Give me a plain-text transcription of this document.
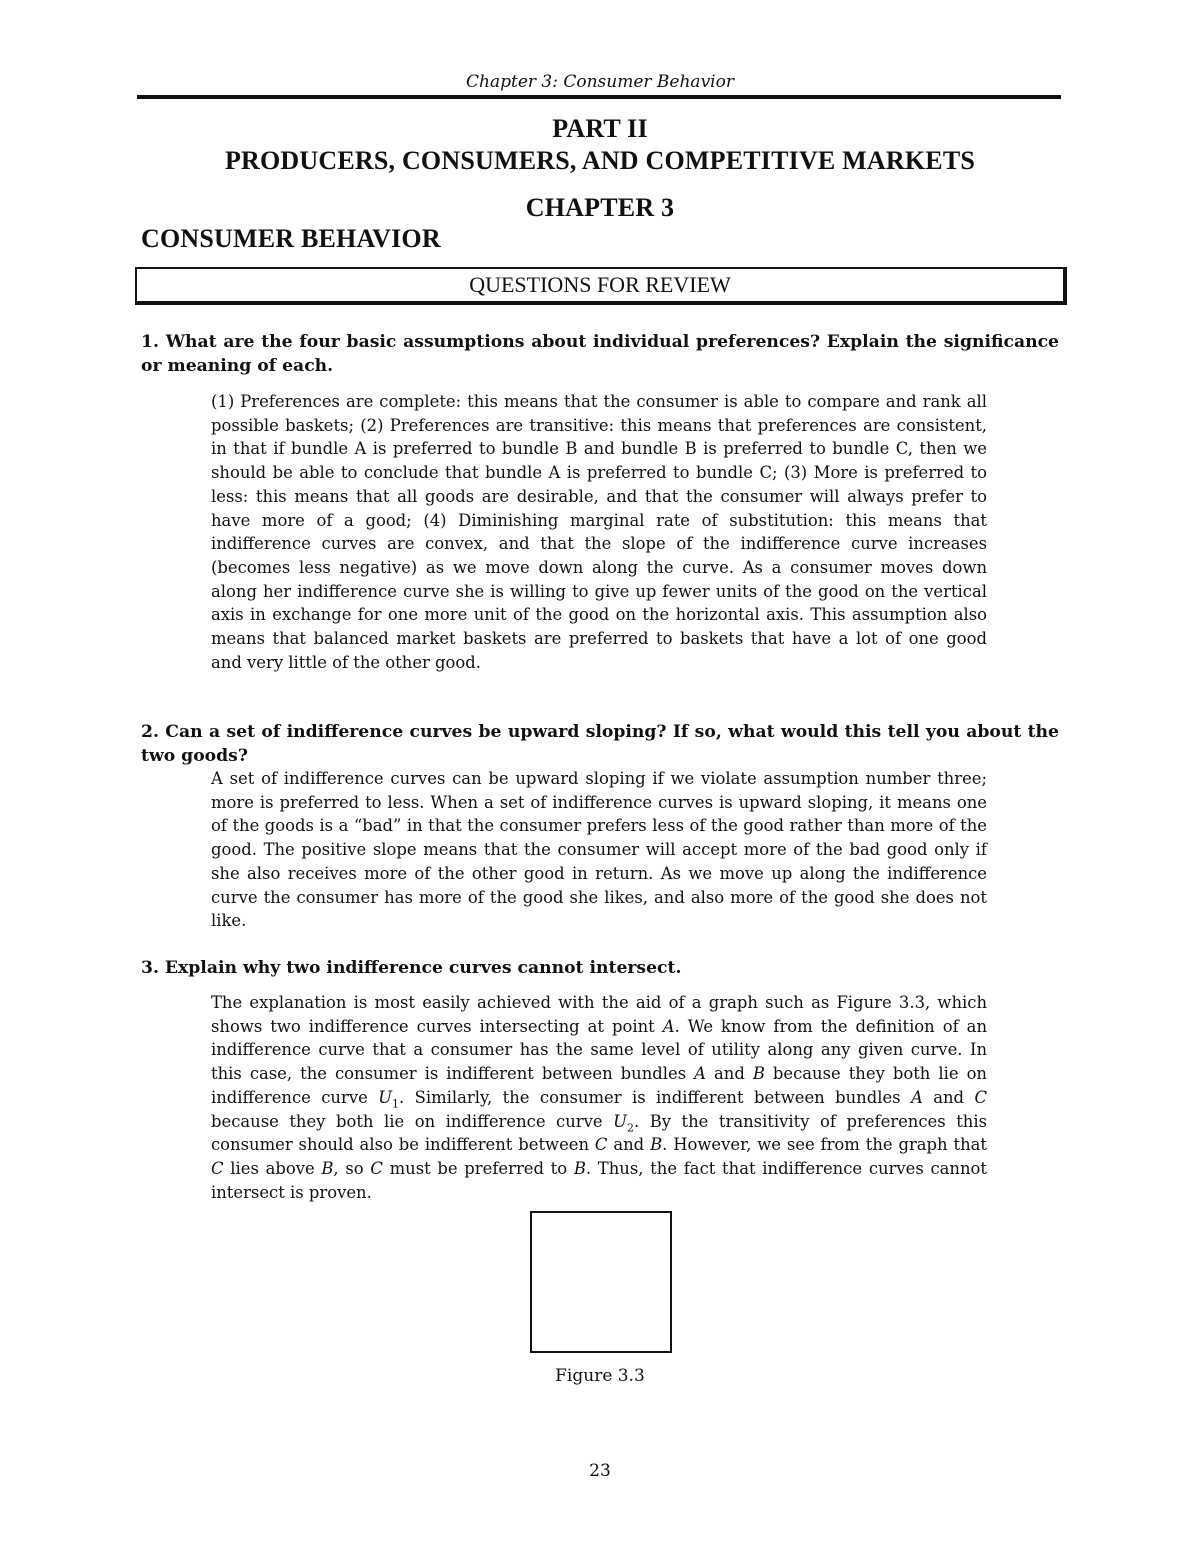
Chapter 3: Consumer Behavior
PART II
PRODUCERS, CONSUMERS, AND COMPETITIVE MARKETS
CHAPTER 3
CONSUMER BEHAVIOR
QUESTIONS FOR REVIEW
1. What are the four basic assumptions about individual preferences? Explain the significance or meaning of each.
(1) Preferences are complete: this means that the consumer is able to compare and rank all possible baskets; (2) Preferences are transitive: this means that preferences are consistent, in that if bundle A is preferred to bundle B and bundle B is preferred to bundle C, then we should be able to conclude that bundle A is preferred to bundle C; (3) More is preferred to less: this means that all goods are desirable, and that the consumer will always prefer to have more of a good; (4) Diminishing marginal rate of substitution: this means that indifference curves are convex, and that the slope of the indifference curve increases (becomes less negative) as we move down along the curve. As a consumer moves down along her indifference curve she is willing to give up fewer units of the good on the vertical axis in exchange for one more unit of the good on the horizontal axis. This assumption also means that balanced market baskets are preferred to baskets that have a lot of one good and very little of the other good.
2. Can a set of indifference curves be upward sloping? If so, what would this tell you about the two goods?
A set of indifference curves can be upward sloping if we violate assumption number three; more is preferred to less. When a set of indifference curves is upward sloping, it means one of the goods is a “bad” in that the consumer prefers less of the good rather than more of the good. The positive slope means that the consumer will accept more of the bad good only if she also receives more of the other good in return. As we move up along the indifference curve the consumer has more of the good she likes, and also more of the good she does not like.
3. Explain why two indifference curves cannot intersect.
The explanation is most easily achieved with the aid of a graph such as Figure 3.3, which shows two indifference curves intersecting at point A. We know from the definition of an indifference curve that a consumer has the same level of utility along any given curve. In this case, the consumer is indifferent between bundles A and B because they both lie on indifference curve $U_1$. Similarly, the consumer is indifferent between bundles A and C because they both lie on indifference curve $U_2$. By the transitivity of preferences this consumer should also be indifferent between C and B. However, we see from the graph that C lies above B, so C must be preferred to B. Thus, the fact that indifference curves cannot intersect is proven.
Figure 3.3
23
